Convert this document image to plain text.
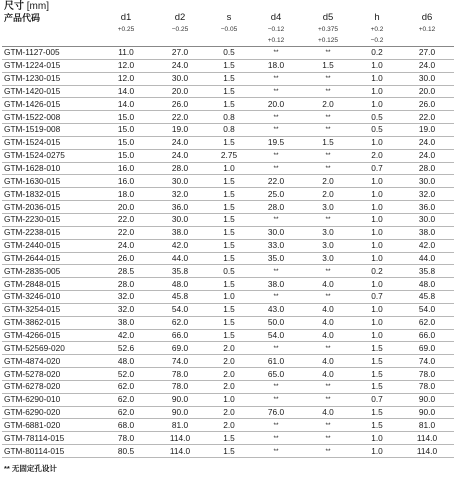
尺寸 [mm]
产品代码	d1	d2	s	d4	d5	h	d6
	+0.25	−0.25	−0.05	−0.12	+0.375	+0.2	+0.12
				+0.12	+0.125	−0.2	
GTM-1127-005	11.0	27.0	0.5	**	**	0.2	27.0
GTM-1224-015	12.0	24.0	1.5	18.0	1.5	1.0	24.0
GTM-1230-015	12.0	30.0	1.5	**	**	1.0	30.0
GTM-1420-015	14.0	20.0	1.5	**	**	1.0	20.0
GTM-1426-015	14.0	26.0	1.5	20.0	2.0	1.0	26.0
GTM-1522-008	15.0	22.0	0.8	**	**	0.5	22.0
GTM-1519-008	15.0	19.0	0.8	**	**	0.5	19.0
GTM-1524-015	15.0	24.0	1.5	19.5	1.5	1.0	24.0
GTM-1524-0275	15.0	24.0	2.75	**	**	2.0	24.0
GTM-1628-010	16.0	28.0	1.0	**	**	0.7	28.0
GTM-1630-015	16.0	30.0	1.5	22.0	2.0	1.0	30.0
GTM-1832-015	18.0	32.0	1.5	25.0	2.0	1.0	32.0
GTM-2036-015	20.0	36.0	1.5	28.0	3.0	1.0	36.0
GTM-2230-015	22.0	30.0	1.5	**	**	1.0	30.0
GTM-2238-015	22.0	38.0	1.5	30.0	3.0	1.0	38.0
GTM-2440-015	24.0	42.0	1.5	33.0	3.0	1.0	42.0
GTM-2644-015	26.0	44.0	1.5	35.0	3.0	1.0	44.0
GTM-2835-005	28.5	35.8	0.5	**	**	0.2	35.8
GTM-2848-015	28.0	48.0	1.5	38.0	4.0	1.0	48.0
GTM-3246-010	32.0	45.8	1.0	**	**	0.7	45.8
GTM-3254-015	32.0	54.0	1.5	43.0	4.0	1.0	54.0
GTM-3862-015	38.0	62.0	1.5	50.0	4.0	1.0	62.0
GTM-4266-015	42.0	66.0	1.5	54.0	4.0	1.0	66.0
GTM-52569-020	52.6	69.0	2.0	**	**	1.5	69.0
GTM-4874-020	48.0	74.0	2.0	61.0	4.0	1.5	74.0
GTM-5278-020	52.0	78.0	2.0	65.0	4.0	1.5	78.0
GTM-6278-020	62.0	78.0	2.0	**	**	1.5	78.0
GTM-6290-010	62.0	90.0	1.0	**	**	0.7	90.0
GTM-6290-020	62.0	90.0	2.0	76.0	4.0	1.5	90.0
GTM-6881-020	68.0	81.0	2.0	**	**	1.5	81.0
GTM-78114-015	78.0	114.0	1.5	**	**	1.0	114.0
GTM-80114-015	80.5	114.0	1.5	**	**	1.0	114.0
** 无固定孔设计
